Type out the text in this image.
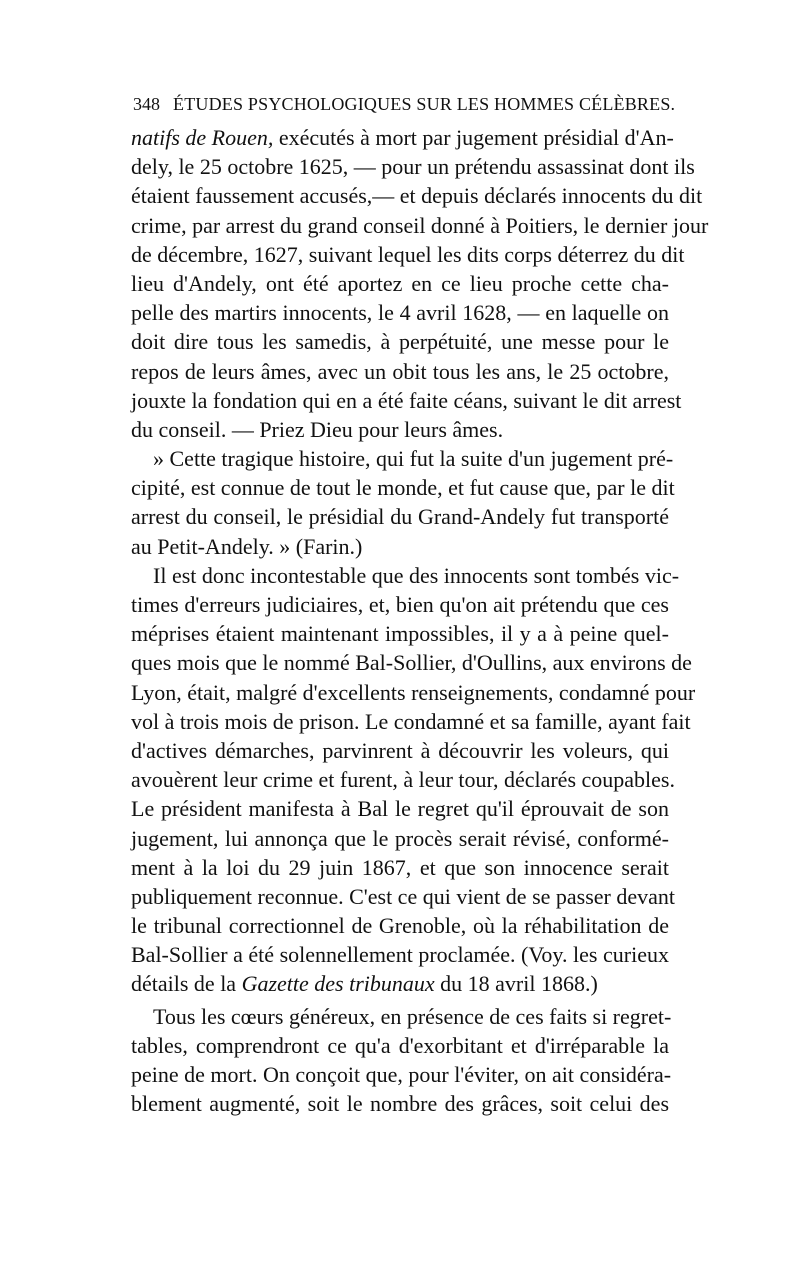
348 ÉTUDES PSYCHOLOGIQUES SUR LES HOMMES CÉLÈBRES.
natifs de Rouen, exécutés à mort par jugement présidial d'An-
dely, le 25 octobre 1625, — pour un prétendu assassinat dont ils
étaient faussement accusés,— et depuis déclarés innocents du dit
crime, par arrest du grand conseil donné à Poitiers, le dernier jour
de décembre, 1627, suivant lequel les dits corps déterrez du dit
lieu d'Andely, ont été aportez en ce lieu proche cette cha-
pelle des martirs innocents, le 4 avril 1628, — en laquelle on
doit dire tous les samedis, à perpétuité, une messe pour le
repos de leurs âmes, avec un obit tous les ans, le 25 octobre,
jouxte la fondation qui en a été faite céans, suivant le dit arrest
du conseil. — Priez Dieu pour leurs âmes.
» Cette tragique histoire, qui fut la suite d'un jugement pré-
cipité, est connue de tout le monde, et fut cause que, par le dit
arrest du conseil, le présidial du Grand-Andely fut transporté
au Petit-Andely. » (Farin.)
Il est donc incontestable que des innocents sont tombés vic-
times d'erreurs judiciaires, et, bien qu'on ait prétendu que ces
méprises étaient maintenant impossibles, il y a à peine quel-
ques mois que le nommé Bal-Sollier, d'Oullins, aux environs de
Lyon, était, malgré d'excellents renseignements, condamné pour
vol à trois mois de prison. Le condamné et sa famille, ayant fait
d'actives démarches, parvinrent à découvrir les voleurs, qui
avouèrent leur crime et furent, à leur tour, déclarés coupables.
Le président manifesta à Bal le regret qu'il éprouvait de son
jugement, lui annonça que le procès serait révisé, conformé-
ment à la loi du 29 juin 1867, et que son innocence serait
publiquement reconnue. C'est ce qui vient de se passer devant
le tribunal correctionnel de Grenoble, où la réhabilitation de
Bal-Sollier a été solennellement proclamée. (Voy. les curieux
détails de la Gazette des tribunaux du 18 avril 1868.)
Tous les cœurs généreux, en présence de ces faits si regret-
tables, comprendront ce qu'a d'exorbitant et d'irréparable la
peine de mort. On conçoit que, pour l'éviter, on ait considéra-
blement augmenté, soit le nombre des grâces, soit celui des
